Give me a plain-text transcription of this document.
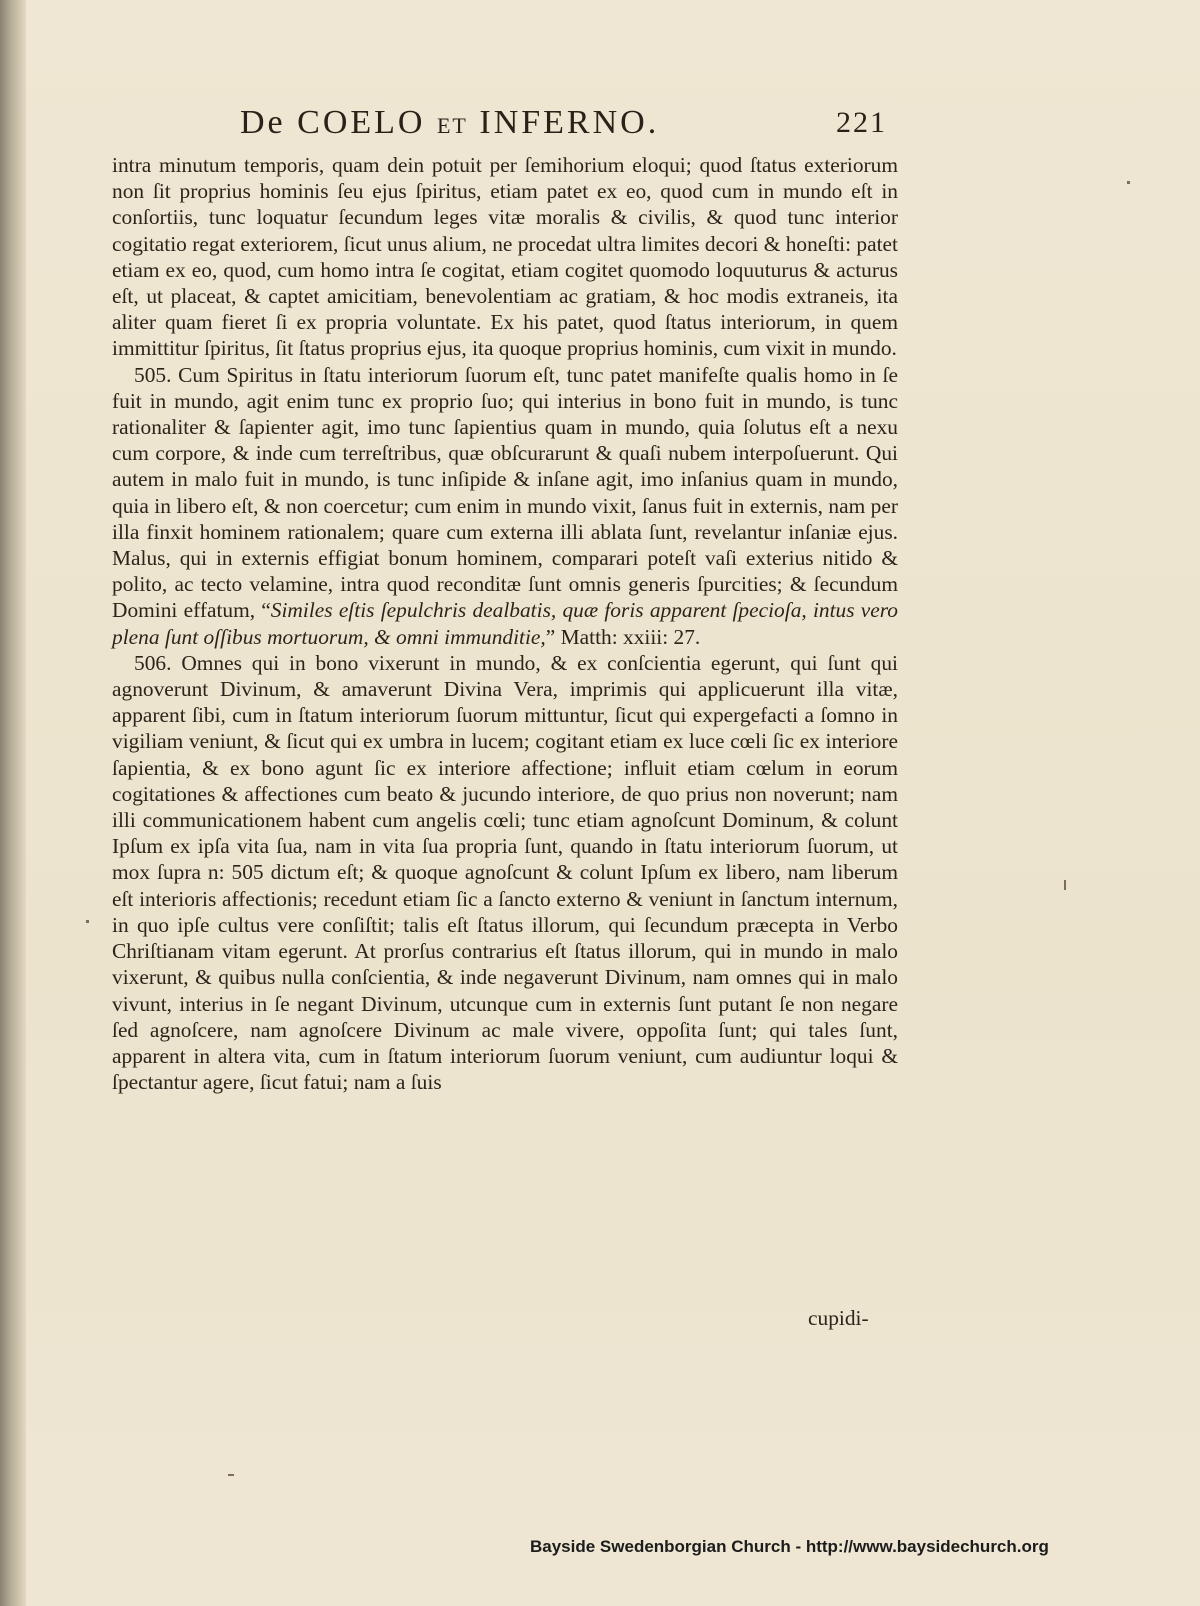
De COELO ET INFERNO.	221

intra minutum temporis, quam dein potuit per ſemihorium eloqui; quod ſtatus exteriorum non ſit proprius hominis ſeu ejus ſpiritus, etiam patet ex eo, quod cum in mundo eſt in conſortiis, tunc loquatur ſecundum leges vitæ moralis & civilis, & quod tunc interior cogitatio regat exteriorem, ſicut unus alium, ne procedat ultra limites decori & honeſti: patet etiam ex eo, quod, cum homo intra ſe cogitat, etiam cogitet quomodo loquuturus & acturus eſt, ut placeat, & captet amicitiam, benevolentiam ac gratiam, & hoc modis extraneis, ita aliter quam fieret ſi ex propria voluntate. Ex his patet, quod ſtatus interiorum, in quem immittitur ſpiritus, ſit ſtatus proprius ejus, ita quoque proprius hominis, cum vixit in mundo.

505. Cum Spiritus in ſtatu interiorum ſuorum eſt, tunc patet manifeſte qualis homo in ſe fuit in mundo, agit enim tunc ex proprio ſuo; qui interius in bono fuit in mundo, is tunc rationaliter & ſapienter agit, imo tunc ſapientius quam in mundo, quia ſolutus eſt a nexu cum corpore, & inde cum terreſtribus, quæ obſcurarunt & quaſi nubem interpoſuerunt. Qui autem in malo fuit in mundo, is tunc inſipide & inſane agit, imo inſanius quam in mundo, quia in libero eſt, & non coercetur; cum enim in mundo vixit, ſanus fuit in externis, nam per illa finxit hominem rationalem; quare cum externa illi ablata ſunt, revelantur inſaniæ ejus. Malus, qui in externis effigiat bonum hominem, comparari poteſt vaſi exterius nitido & polito, ac tecto velamine, intra quod reconditæ ſunt omnis generis ſpurcities; & ſecundum Domini effatum, “Similes eſtis ſepulchris dealbatis, quæ foris apparent ſpecioſa, intus vero plena ſunt oſſibus mortuorum, & omni immunditie,” Matth: xxiii: 27.

506. Omnes qui in bono vixerunt in mundo, & ex conſcientia egerunt, qui ſunt qui agnoverunt Divinum, & amaverunt Divina Vera, imprimis qui applicuerunt illa vitæ, apparent ſibi, cum in ſtatum interiorum ſuorum mittuntur, ſicut qui expergefacti a ſomno in vigiliam veniunt, & ſicut qui ex umbra in lucem; cogitant etiam ex luce cœli ſic ex interiore ſapientia, & ex bono agunt ſic ex interiore affectione; influit etiam cœlum in eorum cogitationes & affectiones cum beato & jucundo interiore, de quo prius non noverunt; nam illi communicationem habent cum angelis cœli; tunc etiam agnoſcunt Dominum, & colunt Ipſum ex ipſa vita ſua, nam in vita ſua propria ſunt, quando in ſtatu interiorum ſuorum, ut mox ſupra n: 505 dictum eſt; & quoque agnoſcunt & colunt Ipſum ex libero, nam liberum eſt interioris affectionis; recedunt etiam ſic a ſancto externo & veniunt in ſanctum internum, in quo ipſe cultus vere conſiſtit; talis eſt ſtatus illorum, qui ſecundum præcepta in Verbo Chriſtianam vitam egerunt. At prorſus contrarius eſt ſtatus illorum, qui in mundo in malo vixerunt, & quibus nulla conſcientia, & inde negaverunt Divinum, nam omnes qui in malo vivunt, interius in ſe negant Divinum, utcunque cum in externis ſunt putant ſe non negare ſed agnoſcere, nam agnoſcere Divinum ac male vivere, oppoſita ſunt; qui tales ſunt, apparent in altera vita, cum in ſtatum interiorum ſuorum veniunt, cum audiuntur loqui & ſpectantur agere, ſicut fatui; nam a ſuis

cupidi-
Bayside Swedenborgian Church - http://www.baysidechurch.org
